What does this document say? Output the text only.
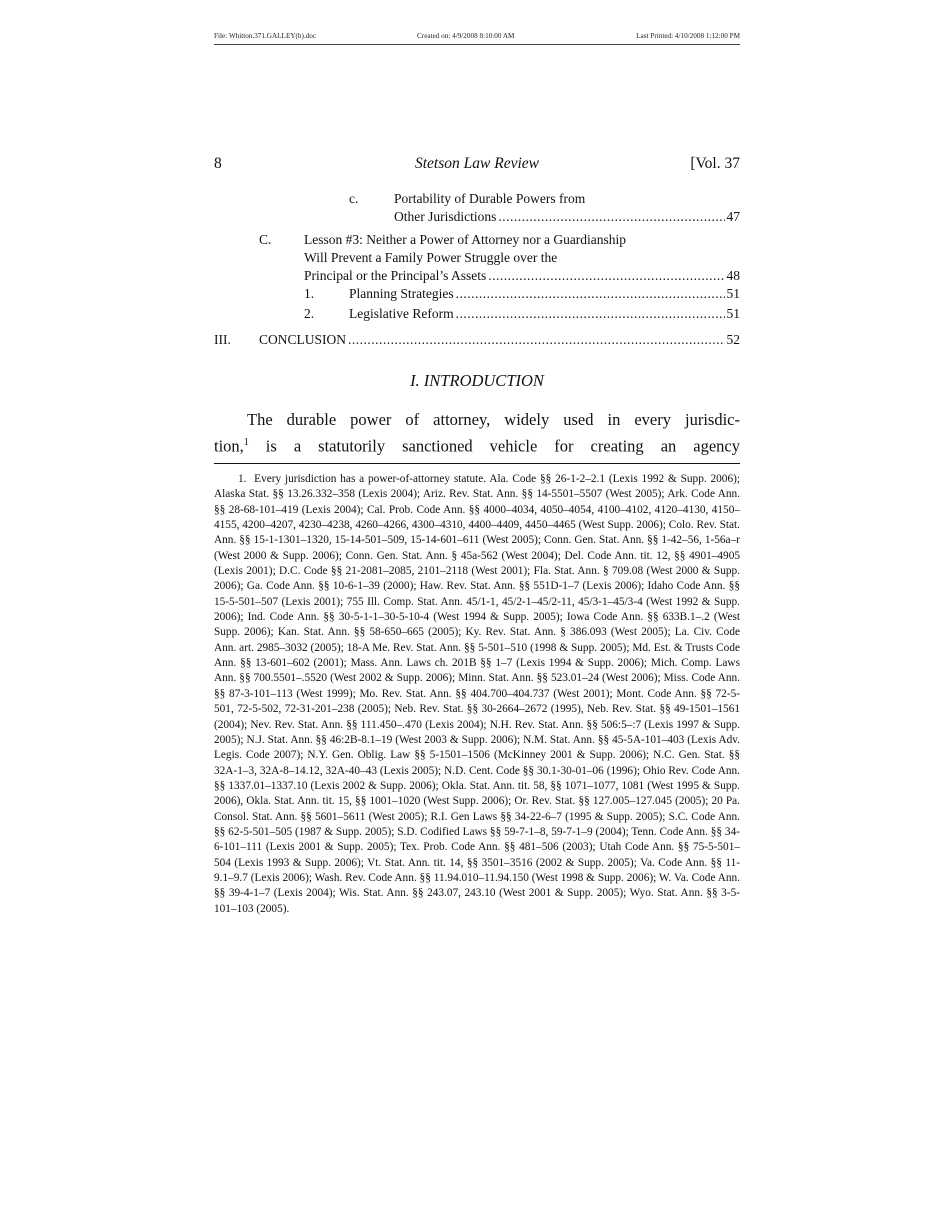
File: Whitton.371.GALLEY(h).doc	Created on: 4/9/2008 8:10:00 AM	Last Printed: 4/10/2008 1:12:00 PM
Stetson Law Review
8	[Vol. 37
c.	Portability of Durable Powers from
Other Jurisdictions .....	47
C. Lesson #3: Neither a Power of Attorney nor a Guardianship
Will Prevent a Family Power Struggle over the
Principal or the Principal’s Assets .....	48
1.	Planning Strategies .....	51
2.	Legislative Reform .....	51
III. CONCLUSION .....	52
I. INTRODUCTION
The durable power of attorney, widely used in every jurisdic-
tion,$^1$ is a statutorily sanctioned vehicle for creating an agency
1. Every jurisdiction has a power-of-attorney statute. Ala. Code §§ 26-1-2–2.1 (Lexis 1992 & Supp. 2006); Alaska Stat. §§ 13.26.332–358 (Lexis 2004); Ariz. Rev. Stat. Ann. §§ 14-5501–5507 (West 2005); Ark. Code Ann. §§ 28-68-101–419 (Lexis 2004); Cal. Prob. Code Ann. §§ 4000–4034, 4050–4054, 4100–4102, 4120–4130, 4150–4155, 4200–4207, 4230–4238, 4260–4266, 4300–4310, 4400–4409, 4450–4465 (West Supp. 2006); Colo. Rev. Stat. Ann. §§ 15-1-1301–1320, 15-14-501–509, 15-14-601–611 (West 2005); Conn. Gen. Stat. Ann. §§ 1-42–56, 1-56a–r (West 2000 & Supp. 2006); Conn. Gen. Stat. Ann. § 45a-562 (West 2004); Del. Code Ann. tit. 12, §§ 4901–4905 (Lexis 2001); D.C. Code §§ 21-2081–2085, 2101–2118 (West 2001); Fla. Stat. Ann. § 709.08 (West 2000 & Supp. 2006); Ga. Code Ann. §§ 10-6-1–39 (2000); Haw. Rev. Stat. Ann. §§ 551D-1–7 (Lexis 2006); Idaho Code Ann. §§ 15-5-501–507 (Lexis 2001); 755 Ill. Comp. Stat. Ann. 45/1-1, 45/2-1–45/2-11, 45/3-1–45/3-4 (West 1992 & Supp. 2006); Ind. Code Ann. §§ 30-5-1-1–30-5-10-4 (West 1994 & Supp. 2005); Iowa Code Ann. §§ 633B.1–.2 (West Supp. 2006); Kan. Stat. Ann. §§ 58-650–665 (2005); Ky. Rev. Stat. Ann. § 386.093 (West 2005); La. Civ. Code Ann. art. 2985–3032 (2005); 18-A Me. Rev. Stat. Ann. §§ 5-501–510 (1998 & Supp. 2005); Md. Est. & Trusts Code Ann. §§ 13-601–602 (2001); Mass. Ann. Laws ch. 201B §§ 1–7 (Lexis 1994 & Supp. 2006); Mich. Comp. Laws Ann. §§ 700.5501–.5520 (West 2002 & Supp. 2006); Minn. Stat. Ann. §§ 523.01–24 (West 2006); Miss. Code Ann. §§ 87-3-101–113 (West 1999); Mo. Rev. Stat. Ann. §§ 404.700–404.737 (West 2001); Mont. Code Ann. §§ 72-5-501, 72-5-502, 72-31-201–238 (2005); Neb. Rev. Stat. §§ 30-2664–2672 (1995), Neb. Rev. Stat. §§ 49-1501–1561 (2004); Nev. Rev. Stat. Ann. §§ 111.450–.470 (Lexis 2004); N.H. Rev. Stat. Ann. §§ 506:5–:7 (Lexis 1997 & Supp. 2005); N.J. Stat. Ann. §§ 46:2B-8.1–19 (West 2003 & Supp. 2006); N.M. Stat. Ann. §§ 45-5A-101–403 (Lexis Adv. Legis. Code 2007); N.Y. Gen. Oblig. Law §§ 5-1501–1506 (McKinney 2001 & Supp. 2006); N.C. Gen. Stat. §§ 32A-1–3, 32A-8–14.12, 32A-40–43 (Lexis 2005); N.D. Cent. Code §§ 30.1-30-01–06 (1996); Ohio Rev. Code Ann. §§ 1337.01–1337.10 (Lexis 2002 & Supp. 2006); Okla. Stat. Ann. tit. 58, §§ 1071–1077, 1081 (West 1995 & Supp. 2006), Okla. Stat. Ann. tit. 15, §§ 1001–1020 (West Supp. 2006); Or. Rev. Stat. §§ 127.005–127.045 (2005); 20 Pa. Consol. Stat. Ann. §§ 5601–5611 (West 2005); R.I. Gen Laws §§ 34-22-6–7 (1995 & Supp. 2005); S.C. Code Ann. §§ 62-5-501–505 (1987 & Supp. 2005); S.D. Codified Laws §§ 59-7-1–8, 59-7-1–9 (2004); Tenn. Code Ann. §§ 34-6-101–111 (Lexis 2001 & Supp. 2005); Tex. Prob. Code Ann. §§ 481–506 (2003); Utah Code Ann. §§ 75-5-501–504 (Lexis 1993 & Supp. 2006); Vt. Stat. Ann. tit. 14, §§ 3501–3516 (2002 & Supp. 2005); Va. Code Ann. §§ 11-9.1–9.7 (Lexis 2006); Wash. Rev. Code Ann. §§ 11.94.010–11.94.150 (West 1998 & Supp. 2006); W. Va. Code Ann. §§ 39-4-1–7 (Lexis 2004); Wis. Stat. Ann. §§ 243.07, 243.10 (West 2001 & Supp. 2005); Wyo. Stat. Ann. §§ 3-5-101–103 (2005).
